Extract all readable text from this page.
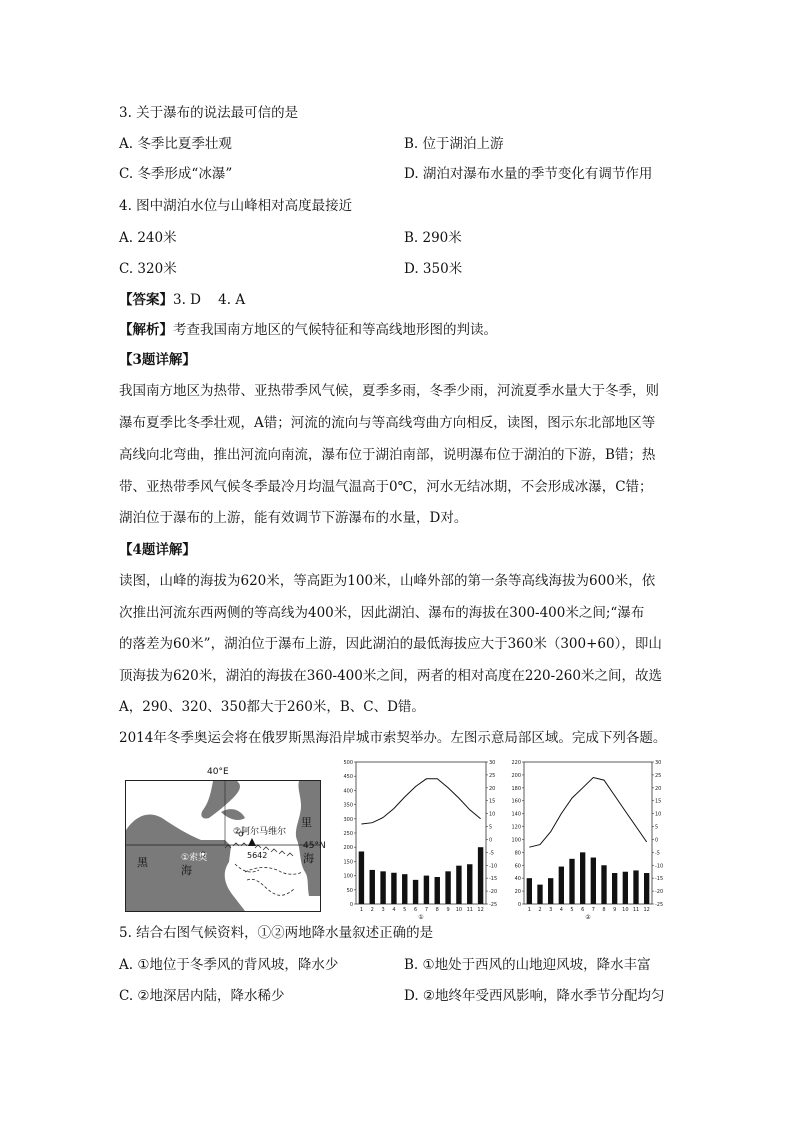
3. 关于瀑布的说法最可信的是
A. 冬季比夏季壮观	B. 位于湖泊上游
C. 冬季形成“冰瀑”	D. 湖泊对瀑布水量的季节变化有调节作用
4. 图中湖泊水位与山峰相对高度最接近
A. 240米	B. 290米
C. 320米	D. 350米
【答案】3. D    4. A
【解析】考查我国南方地区的气候特征和等高线地形图的判读。
【3题详解】
我国南方地区为热带、亚热带季风气候，夏季多雨，冬季少雨，河流夏季水量大于冬季，则
瀑布夏季比冬季壮观，A错；河流的流向与等高线弯曲方向相反，读图，图示东北部地区等
高线向北弯曲，推出河流向南流，瀑布位于湖泊南部，说明瀑布位于湖泊的下游，B错；热
带、亚热带季风气候冬季最冷月均温气温高于0℃，河水无结冰期，不会形成冰瀑，C错；
湖泊位于瀑布的上游，能有效调节下游瀑布的水量，D对。
【4题详解】
读图，山峰的海拔为620米，等高距为100米，山峰外部的第一条等高线海拔为600米，依
次推出河流东西两侧的等高线为400米，因此湖泊、瀑布的海拔在300-400米之间;“瀑布
的落差为60米”，湖泊位于瀑布上游，因此湖泊的最低海拔应大于360米（300+60），即山
顶海拔为620米，湖泊的海拔在360-400米之间，两者的相对高度在220-260米之间，故选
A，290、320、350都大于260米，B、C、D错。
2014年冬季奥运会将在俄罗斯黑海沿岸城市索契举办。左图示意局部区域。完成下列各题。
40°E
45°N
②阿尔马维尔
①索契	5642
黑
海
里
海
500
450
400
350
300
250
200
150
100
50
0
30
25
20
15
10
5
0
-5
-10
-15
-20
-25
1 2 3 4 5 6 7 8 9 10 11 12
①
220
200
180
160
140
120
100
80
60
40
20
0
30
25
20
15
10
5
0
-5
-10
-15
-20
-25
1 2 3 4 5 6 7 8 9 10 11 12
②
5. 结合右图气候资料，①②两地降水量叙述正确的是
A. ①地位于冬季风的背风坡，降水少	B. ①地处于西风的山地迎风坡，降水丰富
C. ②地深居内陆，降水稀少	D. ②地终年受西风影响，降水季节分配均匀
